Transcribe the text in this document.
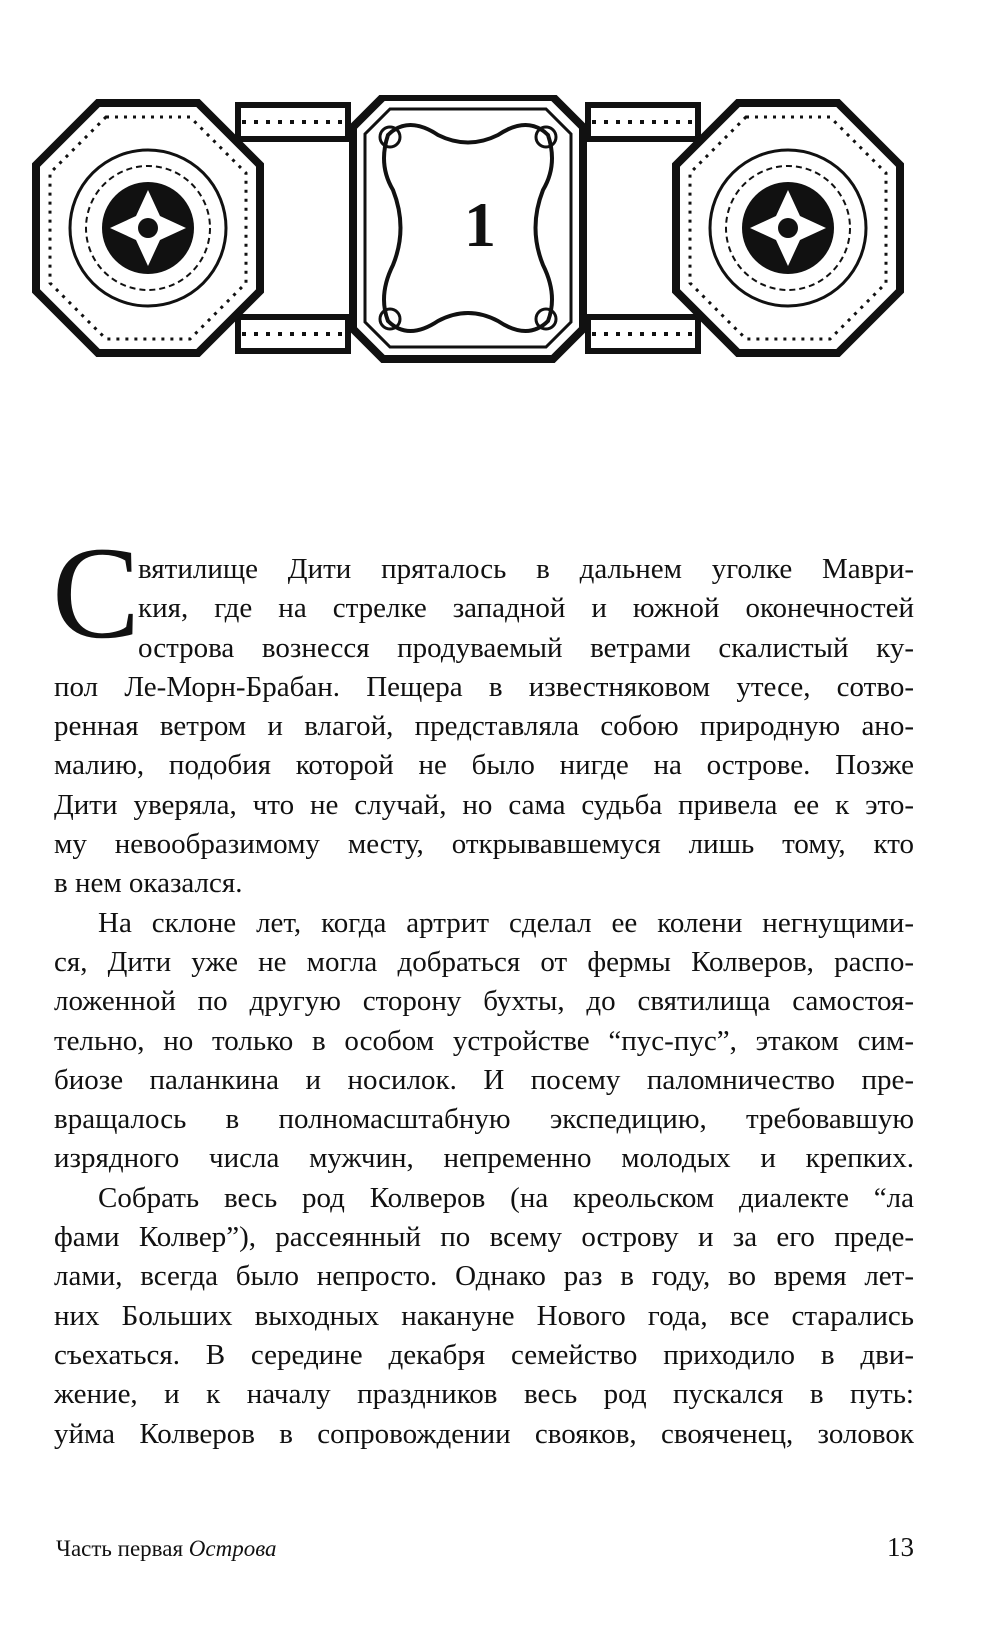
1
С
вятилище Дити пряталось в дальнем уголке Маври-
кия, где на стрелке западной и южной оконечностей
острова вознесся продуваемый ветрами скалистый ку-
пол Ле-Морн-Брабан. Пещера в известняковом утесе, сотво-
ренная ветром и влагой, представляла собою природную ано-
малию, подобия которой не было нигде на острове. Позже
Дити уверяла, что не случай, но сама судьба привела ее к это-
му невообразимому месту, открывавшемуся лишь тому, кто
в нем оказался.
На склоне лет, когда артрит сделал ее колени негнущими-
ся, Дити уже не могла добраться от фермы Колверов, распо-
ложенной по другую сторону бухты, до святилища самостоя-
тельно, но только в особом устройстве “пус-пус”, этаком сим-
биозе паланкина и носилок. И посему паломничество пре-
вращалось в полномасштабную экспедицию, требовавшую
изрядного числа мужчин, непременно молодых и крепких.
Собрать весь род Колверов (на креольском диалекте “ла
фами Колвер”), рассеянный по всему острову и за его преде-
лами, всегда было непросто. Однако раз в году, во время лет-
них Больших выходных накануне Нового года, все старались
съехаться. В середине декабря семейство приходило в дви-
жение, и к началу праздников весь род пускался в путь:
уйма Колверов в сопровождении свояков, свояченец, золовок
Часть первая Острова	13
